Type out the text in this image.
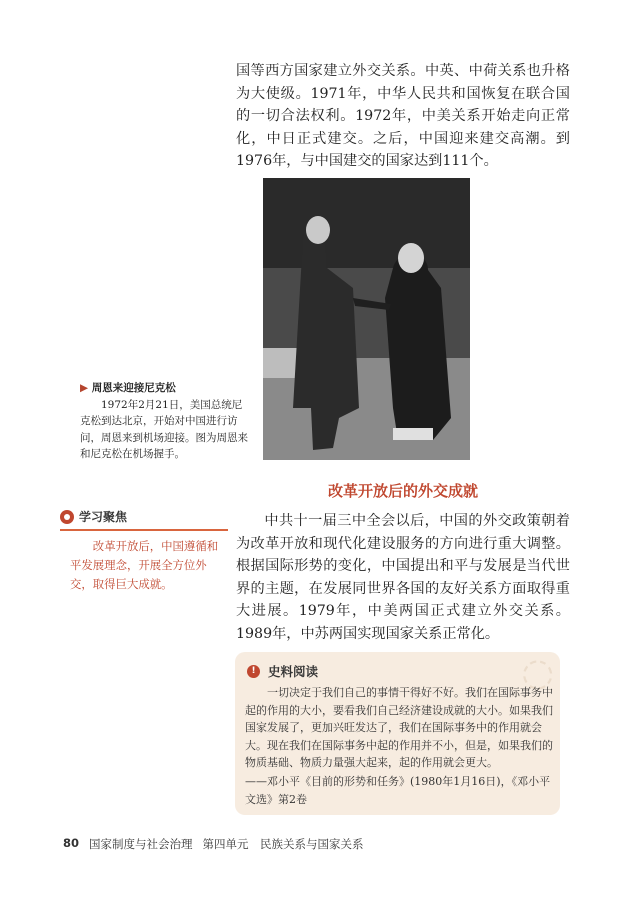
国等西方国家建立外交关系。中英、中荷关系也升格为大使级。1971年，中华人民共和国恢复在联合国的一切合法权利。1972年，中美关系开始走向正常化，中日正式建交。之后，中国迎来建交高潮。到1976年，与中国建交的国家达到111个。

▶ 周恩来迎接尼克松

1972年2月21日，美国总统尼克松到达北京，开始对中国进行访问，周恩来到机场迎接。图为周恩来和尼克松在机场握手。

改革开放后的外交成就
学习聚焦

改革开放后，中国遵循和平发展理念，开展全方位外交，取得巨大成就。

中共十一届三中全会以后，中国的外交政策朝着为改革开放和现代化建设服务的方向进行重大调整。根据国际形势的变化，中国提出和平与发展是当代世界的主题，在发展同世界各国的友好关系方面取得重大进展。1979年，中美两国正式建立外交关系。1989年，中苏两国实现国家关系正常化。

! 史料阅读

一切决定于我们自己的事情干得好不好。我们在国际事务中起的作用的大小，要看我们自己经济建设成就的大小。如果我们国家发展了，更加兴旺发达了，我们在国际事务中的作用就会大。现在我们在国际事务中起的作用并不小，但是，如果我们的物质基础、物质力量强大起来，起的作用就会更大。

——邓小平《目前的形势和任务》(1980年1月16日)，《邓小平文选》第2卷
◌
80 国家制度与社会治理 第四单元　民族关系与国家关系
